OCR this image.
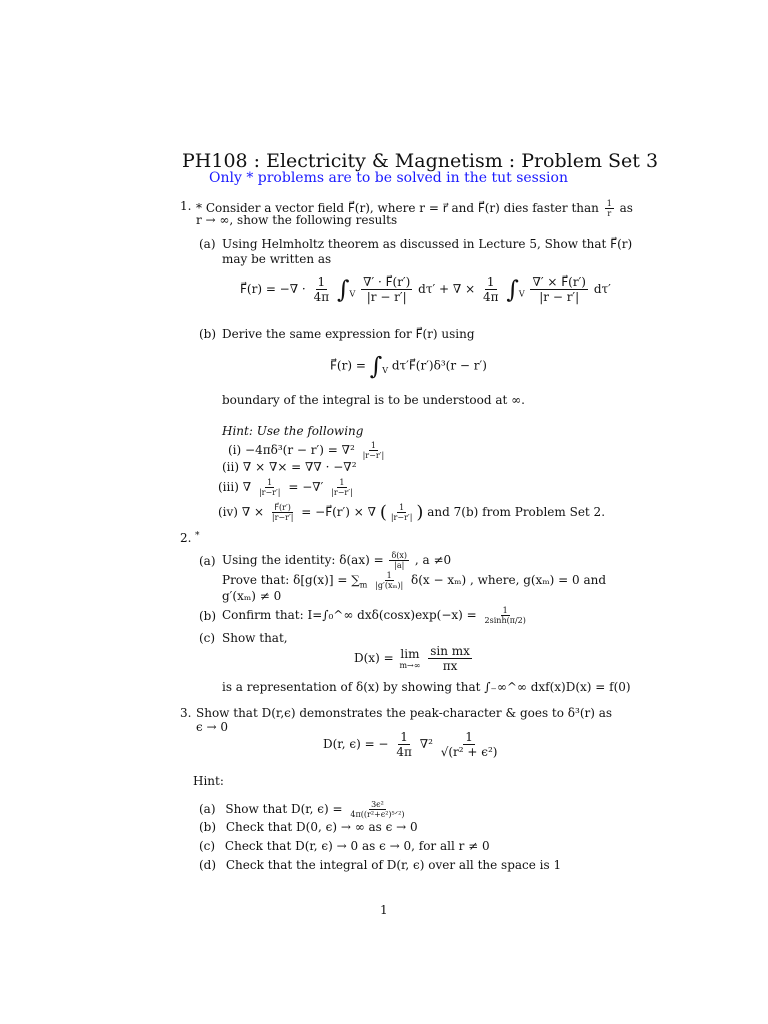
PH108 : Electricity & Magnetism : Problem Set 3
Only * problems are to be solved in the tut session
1. * Consider a vector field F⃗(r), where r = r⃗ and F⃗(r) dies faster than $\frac{1}{r}$ as
r → ∞, show the following results
(a) Using Helmholtz theorem as discussed in Lecture 5, Show that F⃗(r)
may be written as
F⃗(r) = −∇ · $\frac{1}{4\pi} \int_V \frac{\nabla' \cdot F⃗(r')}{|r - r'|} d\tau'$ + ∇ × $\frac{1}{4\pi} \int_V \frac{\nabla' \times F⃗(r')}{|r - r'|} d\tau'$
(b) Derive the same expression for F⃗(r) using
F⃗(r) = $\int_V$ dτ′F⃗(r′)δ³(r − r′)
boundary of the integral is to be understood at ∞.
Hint: Use the following
$(i) -4\pi\delta^3(r - r') = \nabla^2 \frac{1}{|r-r'|}$
(ii) ∇ × ∇× = ∇∇ · −∇²
(iii) ∇ $\frac{1}{|r-r'|}$ = −∇′ $\frac{1}{|r-r'|}$
(iv) ∇ × $\frac{F⃗(r')}{|r-r'|}$ = −F⃗(r′) × ∇ ( $\frac{1}{|r-r'|}$ ) and 7(b) from Problem Set 2.
2. *
(a) Using the identity: $\delta(ax) = \frac{\delta(x)}{|a|}$ , a ≠0
Prove that: $\delta[g(x)] = \sum_m \frac{1}{\text{|g′(xₘ)|}} \delta(x - x_m)$ , where, g(xₘ) = 0 and
g′(xₘ) ≠ 0
(b) Confirm that: I=∫₀^∞ $dx\delta(\cos x)\exp(-x) = \frac{1}{2\sinh(\pi/2)}$
(c) Show that,
D(x) = lim
m→∞
$\frac{\text{sin mx}}{\pi x}$
is a representation of δ(x) by showing that ∫₋∞^∞ dxf(x)D(x) = f(0)
3. Show that D(r,ϵ) demonstrates the peak-character & goes to δ³(r) as
ϵ → 0
D(r, ϵ) = − $\frac{1}{4\pi} \nabla^2 \frac{1}{\text{√(r² + ϵ²)}}$
Hint:
(a) Show that D(r, $\epsilon) = \frac{\text{3ϵ²}}{\text{4π((r²+ϵ²)⁵ᐟ²)}}$
(b) Check that D(0, ϵ) → ∞ as ϵ → 0
(c) Check that D(r, ϵ) → 0 as ϵ → 0, for all r ≠ 0
(d) Check that the integral of D(r, ϵ) over all the space is 1
1
